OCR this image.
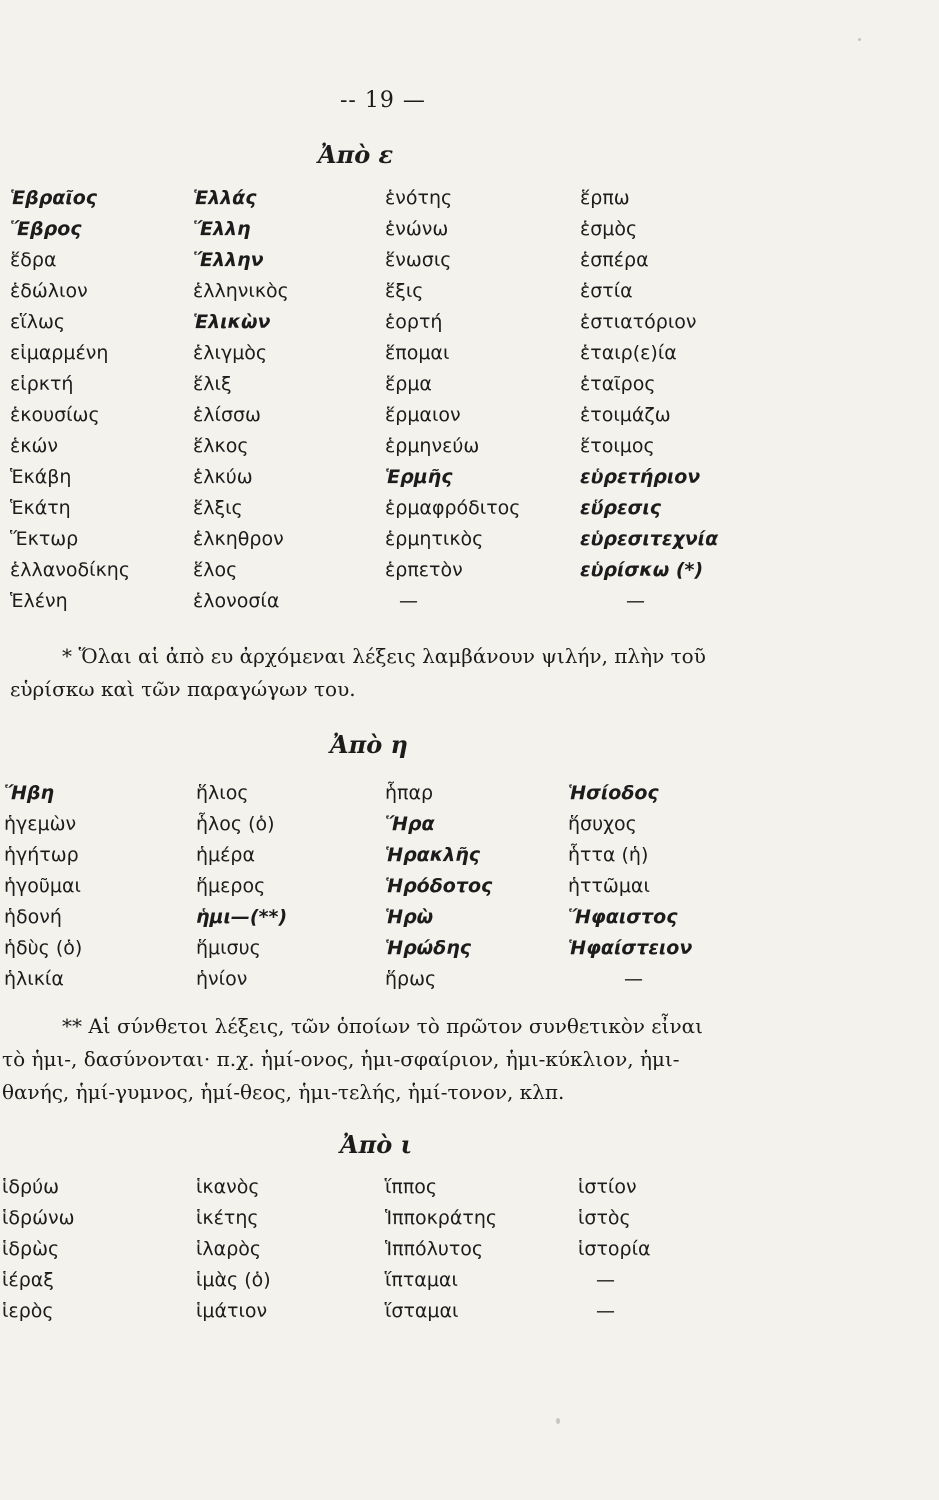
-- 19 —
Ἀπὸ ε
Ἑβραῖος
Ἕβρος
ἕδρα
ἑδώλιον
εἵλως
εἱμαρμένη
εἱρκτή
ἑκουσίως
ἑκών
Ἑκάβη
Ἑκάτη
Ἕκτωρ
ἑλλανοδίκης
Ἑλένη
Ἑλλάς
Ἕλλη
Ἕλλην
ἑλληνικὸς
Ἑλικὼν
ἑλιγμὸς
ἕλιξ
ἑλίσσω
ἕλκος
ἑλκύω
ἕλξις
ἑλκηθρον
ἕλος
ἑλονοσία
ἑνότης
ἑνώνω
ἕνωσις
ἕξις
ἑορτή
ἕπομαι
ἕρμα
ἕρμαιον
ἑρμηνεύω
Ἑρμῆς
ἑρμαφρόδιτος
ἑρμητικὸς
ἑρπετὸν
—
ἕρπω
ἑσμὸς
ἑσπέρα
ἑστία
ἑστιατόριον
ἑταιρ(ε)ία
ἑταῖρος
ἑτοιμάζω
ἕτοιμος
εὑρετήριον
εὕρεσις
εὑρεσιτεχνία
εὑρίσκω (*)
—
* Ὅλαι αἱ ἀπὸ ευ ἀρχόμεναι λέξεις λαμβάνουν ψιλήν, πλὴν τοῦ
εὑρίσκω καὶ τῶν παραγώγων του.
Ἀπὸ η
Ἥβη
ἡγεμὼν
ἡγήτωρ
ἡγοῦμαι
ἡδονή
ἡδὺς (ὁ)
ἡλικία
ἥλιος
ἧλος (ὁ)
ἡμέρα
ἥμερος
ἡμι—(**)
ἥμισυς
ἡνίον
ἧπαρ
Ἥρα
Ἡρακλῆς
Ἡρόδοτος
Ἡρὼ
Ἡρώδης
ἥρως
Ἡσίοδος
ἥσυχος
ἧττα (ἡ)
ἡττῶμαι
Ἥφαιστος
Ἡφαίστειον
—
** Αἱ σύνθετοι λέξεις, τῶν ὁποίων τὸ πρῶτον συνθετικὸν εἶναι
τὸ ἡμι-, δασύνονται· π.χ. ἡμί-ονος, ἡμι-σφαίριον, ἡμι-κύκλιον, ἡμι-
θανής, ἡμί-γυμνος, ἡμί-θεος, ἡμι-τελής, ἡμί-τονον, κλπ.
Ἀπὸ ι
ἱδρύω
ἱδρώνω
ἱδρὼς
ἱέραξ
ἱερὸς
ἱκανὸς
ἱκέτης
ἱλαρὸς
ἱμὰς (ὁ)
ἱμάτιον
ἵππος
Ἱπποκράτης
Ἱππόλυτος
ἵπταμαι
ἵσταμαι
ἱστίον
ἱστὸς
ἱστορία
—
—
